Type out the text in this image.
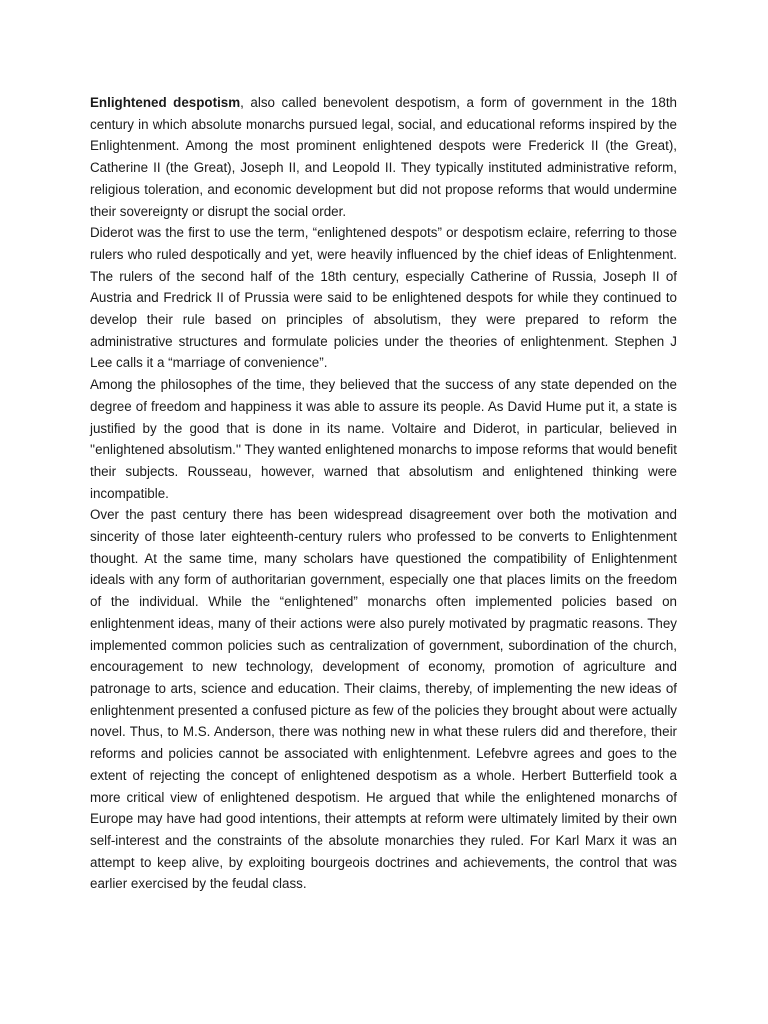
Enlightened despotism, also called benevolent despotism, a form of government in the 18th century in which absolute monarchs pursued legal, social, and educational reforms inspired by the Enlightenment. Among the most prominent enlightened despots were Frederick II (the Great), Catherine II (the Great), Joseph II, and Leopold II. They typically instituted administrative reform, religious toleration, and economic development but did not propose reforms that would undermine their sovereignty or disrupt the social order.

Diderot was the first to use the term, “enlightened despots” or despotism eclaire, referring to those rulers who ruled despotically and yet, were heavily influenced by the chief ideas of Enlightenment. The rulers of the second half of the 18th century, especially Catherine of Russia, Joseph II of Austria and Fredrick II of Prussia were said to be enlightened despots for while they continued to develop their rule based on principles of absolutism, they were prepared to reform the administrative structures and formulate policies under the theories of enlightenment. Stephen J Lee calls it a “marriage of convenience”.

Among the philosophes of the time, they believed that the success of any state depended on the degree of freedom and happiness it was able to assure its people. As David Hume put it, a state is justified by the good that is done in its name. Voltaire and Diderot, in particular, believed in ''enlightened absolutism.'' They wanted enlightened monarchs to impose reforms that would benefit their subjects. Rousseau, however, warned that absolutism and enlightened thinking were incompatible.

Over the past century there has been widespread disagreement over both the motivation and sincerity of those later eighteenth-century rulers who professed to be converts to Enlightenment thought. At the same time, many scholars have questioned the compatibility of Enlightenment ideals with any form of authoritarian government, especially one that places limits on the freedom of the individual. While the “enlightened” monarchs often implemented policies based on enlightenment ideas, many of their actions were also purely motivated by pragmatic reasons. They implemented common policies such as centralization of government, subordination of the church, encouragement to new technology, development of economy, promotion of agriculture and patronage to arts, science and education. Their claims, thereby, of implementing the new ideas of enlightenment presented a confused picture as few of the policies they brought about were actually novel. Thus, to M.S. Anderson, there was nothing new in what these rulers did and therefore, their reforms and policies cannot be associated with enlightenment. Lefebvre agrees and goes to the extent of rejecting the concept of enlightened despotism as a whole. Herbert Butterfield took a more critical view of enlightened despotism. He argued that while the enlightened monarchs of Europe may have had good intentions, their attempts at reform were ultimately limited by their own self-interest and the constraints of the absolute monarchies they ruled. For Karl Marx it was an attempt to keep alive, by exploiting bourgeois doctrines and achievements, the control that was earlier exercised by the feudal class.
